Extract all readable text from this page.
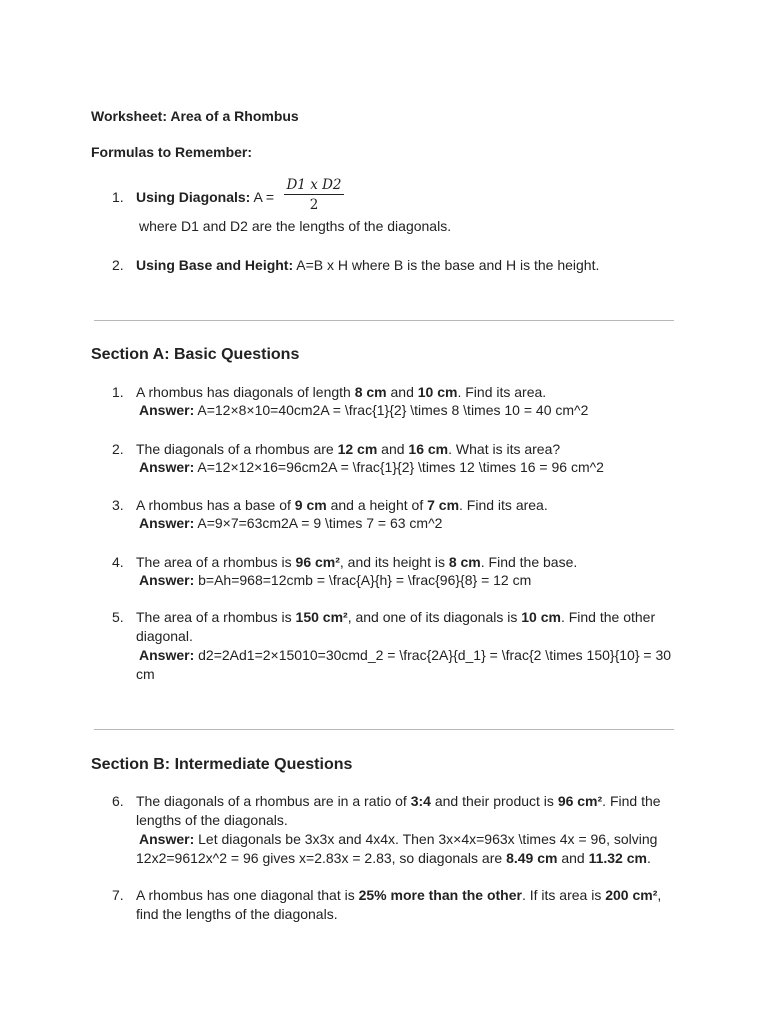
Worksheet: Area of a Rhombus
Formulas to Remember:
1. Using Diagonals: A =
D1 x D2
2
where D1 and D2 are the lengths of the diagonals.
2. Using Base and Height: A=B x H where B is the base and H is the height.
Section A: Basic Questions
1. A rhombus has diagonals of length 8 cm and 10 cm. Find its area.
Answer: A=12×8×10=40cm2A = \frac{1}{2} \times 8 \times 10 = 40 cm^2
2. The diagonals of a rhombus are 12 cm and 16 cm. What is its area?
Answer: A=12×12×16=96cm2A = \frac{1}{2} \times 12 \times 16 = 96 cm^2
3. A rhombus has a base of 9 cm and a height of 7 cm. Find its area.
Answer: A=9×7=63cm2A = 9 \times 7 = 63 cm^2
4. The area of a rhombus is 96 cm², and its height is 8 cm. Find the base.
Answer: b=Ah=968=12cmb = \frac{A}{h} = \frac{96}{8} = 12 cm
5. The area of a rhombus is 150 cm², and one of its diagonals is 10 cm. Find the other
diagonal.
Answer: d2=2Ad1=2×15010=30cmd_2 = \frac{2A}{d_1} = \frac{2 \times 150}{10} = 30
cm
Section B: Intermediate Questions
6. The diagonals of a rhombus are in a ratio of 3:4 and their product is 96 cm². Find the
lengths of the diagonals.
Answer: Let diagonals be 3x3x and 4x4x. Then 3x×4x=963x \times 4x = 96, solving
12x2=9612x^2 = 96 gives x=2.83x = 2.83, so diagonals are 8.49 cm and 11.32 cm.
7. A rhombus has one diagonal that is 25% more than the other. If its area is 200 cm²,
find the lengths of the diagonals.
